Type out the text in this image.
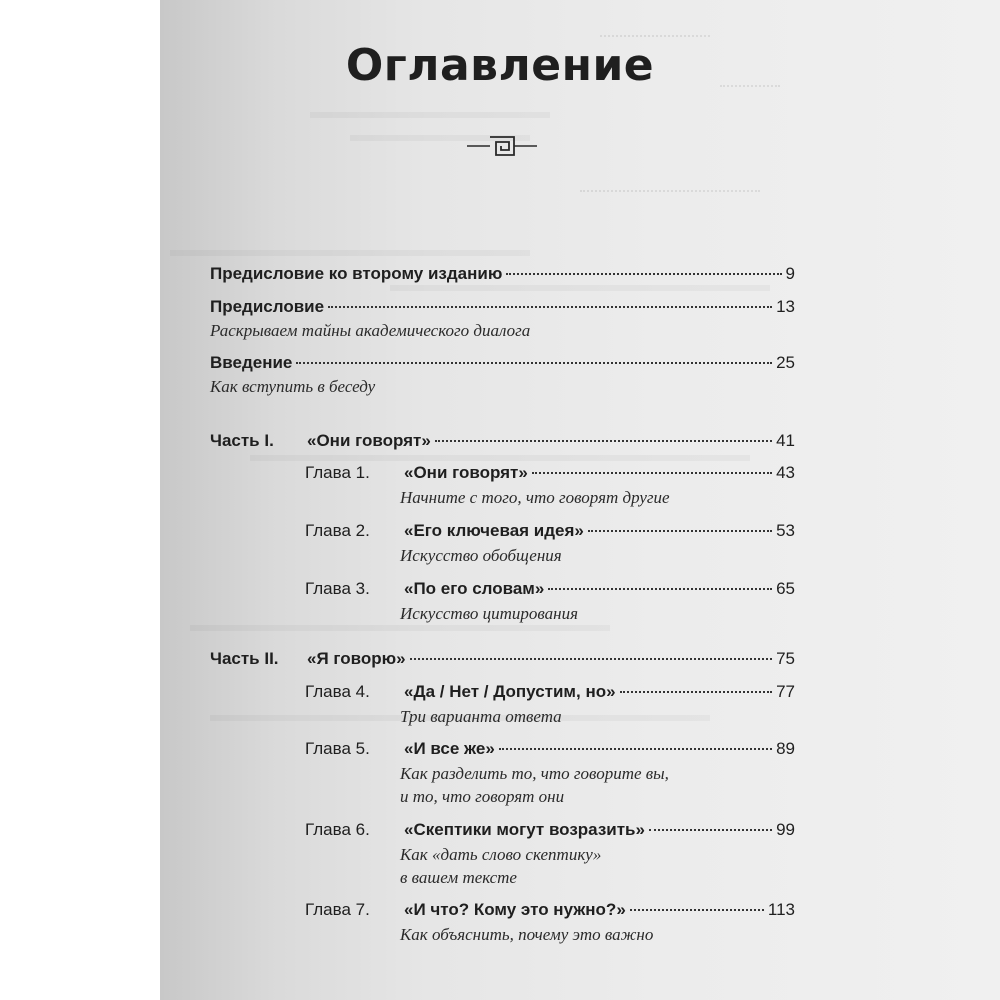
Оглавление
Предисловие ко второму изданию	9
Предисловие	13
Раскрываем тайны академического диалога
Введение	25
Как вступить в беседу
Часть I.	«Они говорят»	41
Глава 1.	«Они говорят»	43
Начните с того, что говорят другие
Глава 2.	«Его ключевая идея»	53
Искусство обобщения
Глава 3.	«По его словам»	65
Искусство цитирования
Часть II.	«Я говорю»	75
Глава 4.	«Да / Нет / Допустим, но»	77
Три варианта ответа
Глава 5.	«И все же»	89
Как разделить то, что говорите вы,
и то, что говорят они
Глава 6.	«Скептики могут возразить»	99
Как «дать слово скептику»
в вашем тексте
Глава 7.	«И что? Кому это нужно?»	113
Как объяснить, почему это важно
